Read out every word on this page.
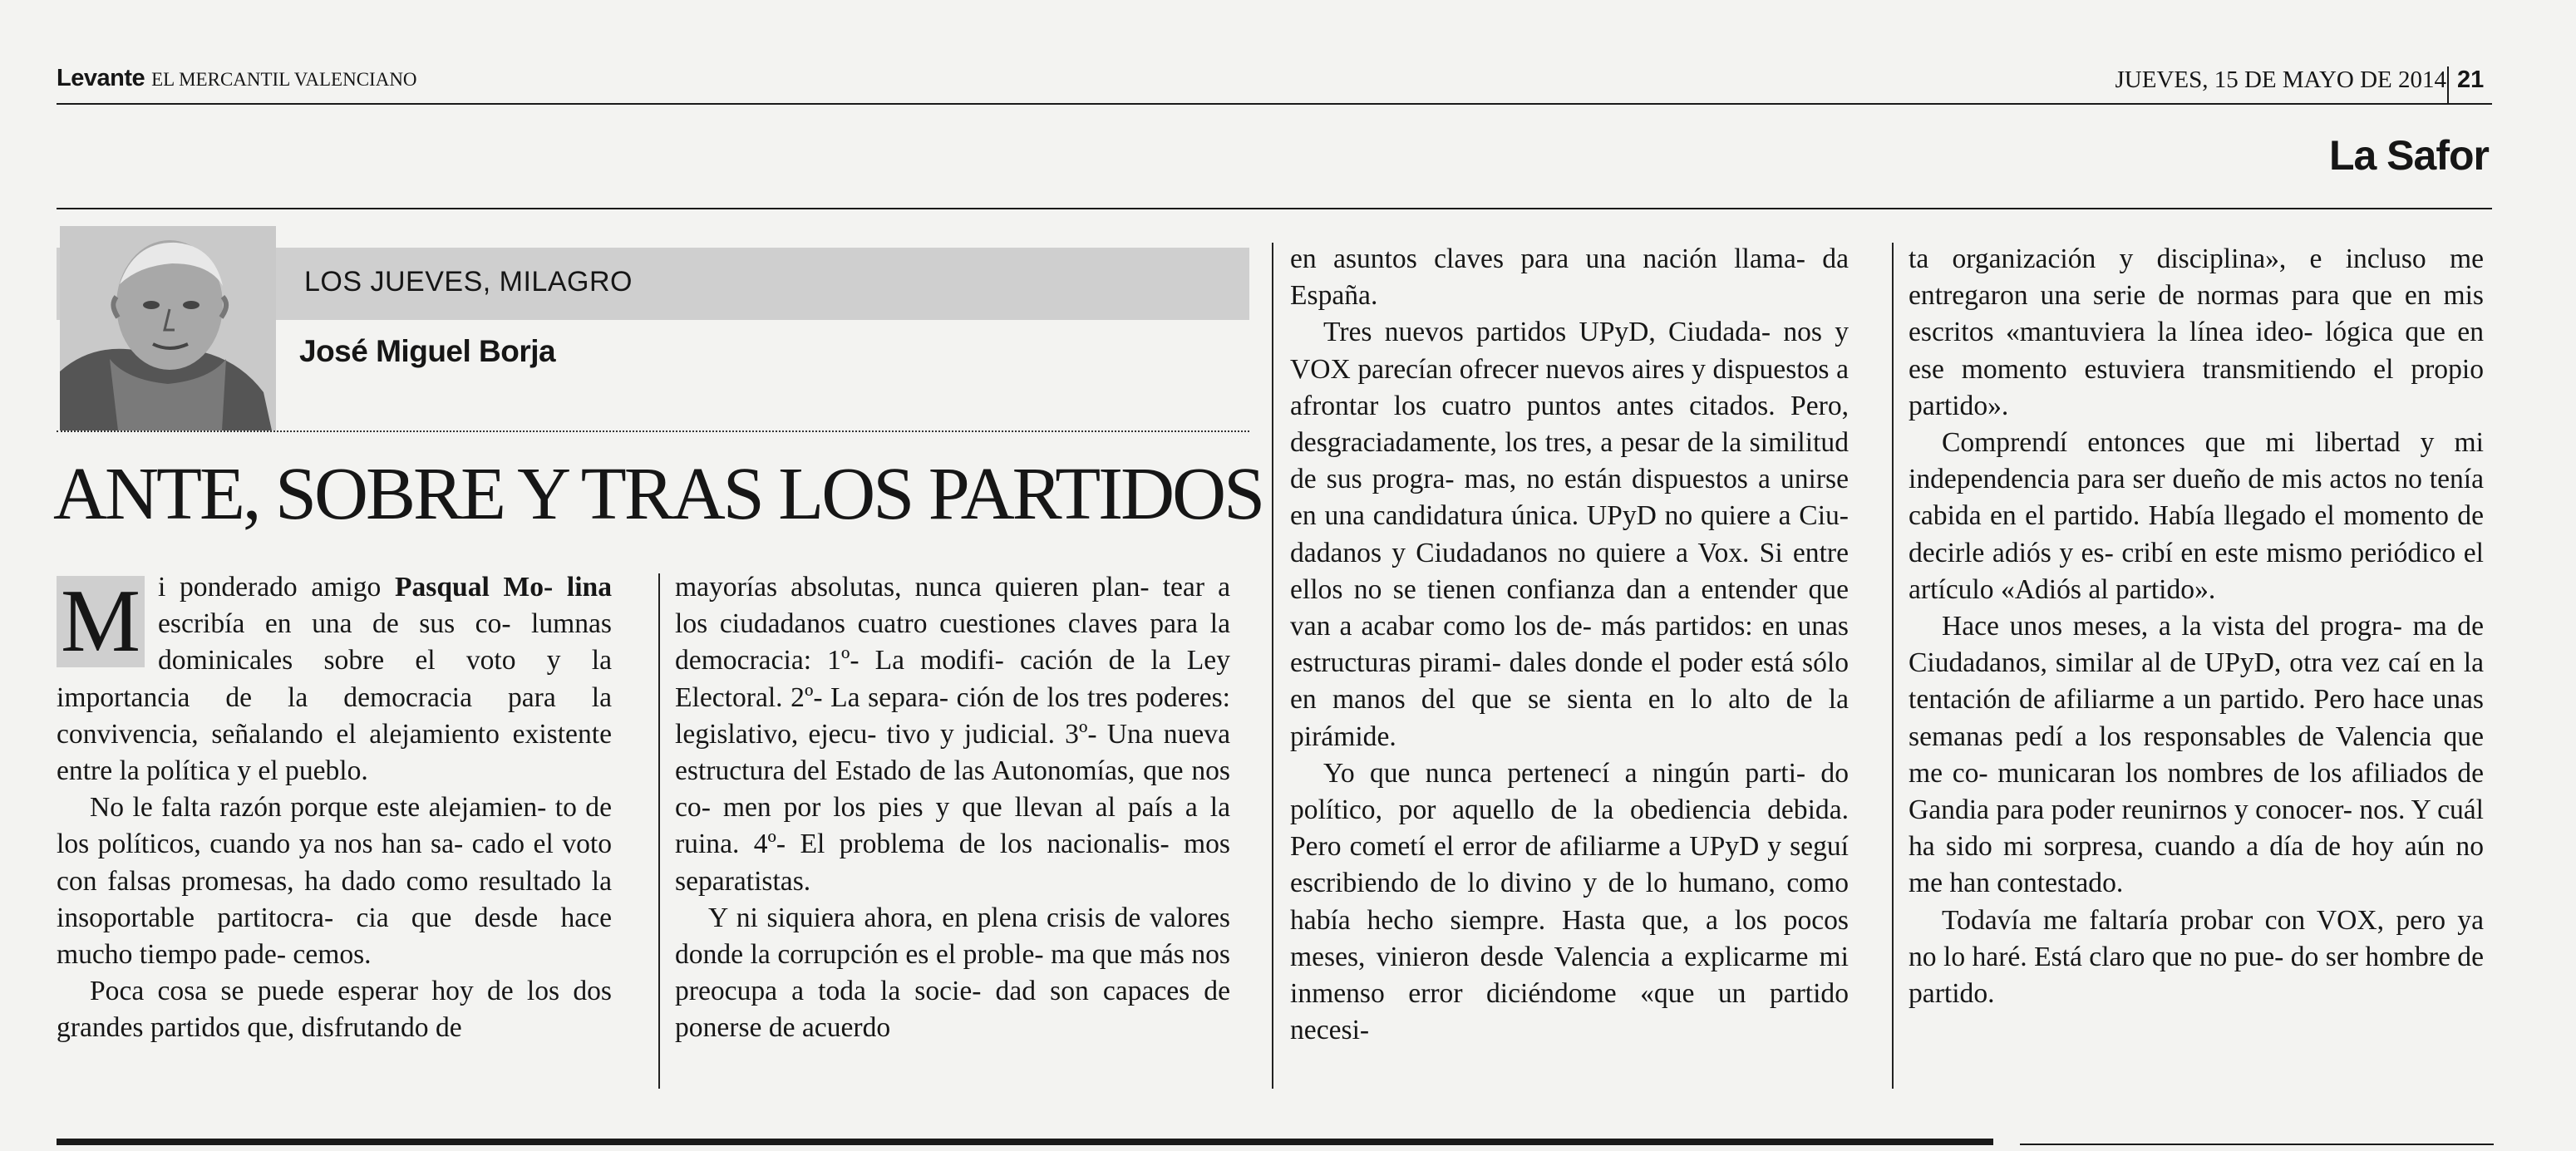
Levante EL MERCANTIL VALENCIANO	JUEVES, 15 DE MAYO DE 2014 21
La Safor
LOS JUEVES, MILAGRO
José Miguel Borja
ANTE, SOBRE Y TRAS LOS PARTIDOS

M i ponderado amigo Pasqual Mo- lina escribía en una de sus co- lumnas dominicales sobre el voto y la importancia de la democracia para la convivencia, señalando el alejamiento existente entre la política y el pueblo.

No le falta razón porque este alejamien- to de los políticos, cuando ya nos han sa- cado el voto con falsas promesas, ha dado como resultado la insoportable partitocra- cia que desde hace mucho tiempo pade- cemos.

Poca cosa se puede esperar hoy de los dos grandes partidos que, disfrutando de

mayorías absolutas, nunca quieren plan- tear a los ciudadanos cuatro cuestiones claves para la democracia: 1º- La modifi- cación de la Ley Electoral. 2º- La separa- ción de los tres poderes: legislativo, ejecu- tivo y judicial. 3º- Una nueva estructura del Estado de las Autonomías, que nos co- men por los pies y que llevan al país a la ruina. 4º- El problema de los nacionalis- mos separatistas.

Y ni siquiera ahora, en plena crisis de valores donde la corrupción es el proble- ma que más nos preocupa a toda la socie- dad son capaces de ponerse de acuerdo

en asuntos claves para una nación llama- da España.

Tres nuevos partidos UPyD, Ciudada- nos y VOX parecían ofrecer nuevos aires y dispuestos a afrontar los cuatro puntos antes citados. Pero, desgraciadamente, los tres, a pesar de la similitud de sus progra- mas, no están dispuestos a unirse en una candidatura única. UPyD no quiere a Ciu- dadanos y Ciudadanos no quiere a Vox. Si entre ellos no se tienen confianza dan a entender que van a acabar como los de- más partidos: en unas estructuras pirami- dales donde el poder está sólo en manos del que se sienta en lo alto de la pirámide.

Yo que nunca pertenecí a ningún parti- do político, por aquello de la obediencia debida. Pero cometí el error de afiliarme a UPyD y seguí escribiendo de lo divino y de lo humano, como había hecho siempre. Hasta que, a los pocos meses, vinieron desde Valencia a explicarme mi inmenso error diciéndome «que un partido necesi-

ta organización y disciplina», e incluso me entregaron una serie de normas para que en mis escritos «mantuviera la línea ideo- lógica que en ese momento estuviera transmitiendo el propio partido».

Comprendí entonces que mi libertad y mi independencia para ser dueño de mis actos no tenía cabida en el partido. Había llegado el momento de decirle adiós y es- cribí en este mismo periódico el artículo «Adiós al partido».

Hace unos meses, a la vista del progra- ma de Ciudadanos, similar al de UPyD, otra vez caí en la tentación de afiliarme a un partido. Pero hace unas semanas pedí a los responsables de Valencia que me co- municaran los nombres de los afiliados de Gandia para poder reunirnos y conocer- nos. Y cuál ha sido mi sorpresa, cuando a día de hoy aún no me han contestado.

Todavía me faltaría probar con VOX, pero ya no lo haré. Está claro que no pue- do ser hombre de partido.
